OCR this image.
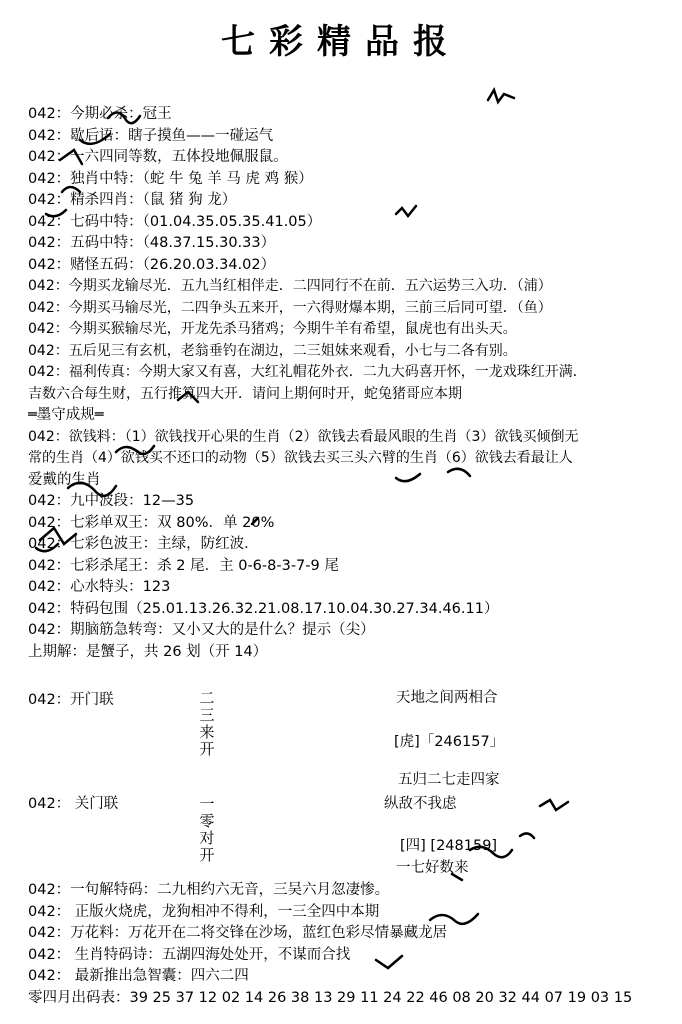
七彩精品报
042：今期必杀：冠王
042：歇后语：瞎子摸鱼——一碰运气
042：一六四同等数，五体投地佩服鼠。
042：独肖中特：（蛇 牛 兔 羊 马 虎 鸡 猴）
042：精杀四肖：（鼠 猪 狗 龙）
042：七码中特：（01.04.35.05.35.41.05）
042：五码中特：（48.37.15.30.33）
042：赌怪五码：（26.20.03.34.02）
042：今期买龙输尽光．五九当红相伴走．二四同行不在前．五六运势三入功．（浦）
042：今期买马输尽光，二四争头五来开，一六得财爆本期，三前三后同可望．（鱼）
042：今期买猴输尽光，开龙先杀马猪鸡；今期牛羊有希望，鼠虎也有出头天。
042：五后见三有玄机，老翁垂钓在湖边，二三姐妹来观看，小七与二各有别。
042：福利传真：今期大家又有喜，大红礼帽花外衣．二九大码喜开怀，一龙戏珠红开满．
吉数六合每生财，五行推算四大开．请问上期何时开，蛇兔猪哥应本期
═墨守成规═
042：欲钱料：（1）欲钱找开心果的生肖（2）欲钱去看最风眼的生肖（3）欲钱买倾倒无
常的生肖（4）欲钱买不还口的动物（5）欲钱去买三头六臂的生肖（6）欲钱去看最让人
爱戴的生肖
042：九中波段：12—35
042：七彩单双王：双 80%．单 20%
042：七彩色波王：主绿，防红波．
042：七彩杀尾王：杀 2 尾．主 0-6-8-3-7-9 尾
042：心水特头：123
042：特码包围（25.01.13.26.32.21.08.17.10.04.30.27.34.46.11）
042：期脑筋急转弯：又小又大的是什么？提示（尖）
上期解：是蟹子，共 26 划（开 14）
042：开门联	二三来开
天地之间两相合
[虎]「246157」
五归二七走四家
042： 关门联	一零对开
纵敌不我虑
[四] [248159]
一七好数来
042：一句解特码：二九相约六无音，三吴六月忽凄惨。
042： 正版火烧虎，龙狗相冲不得利，一三全四中本期
042：万花料：万花开在二将交锋在沙场，蓝红色彩尽情暴藏龙居
042： 生肖特码诗：五湖四海处处开，不谋而合找
042： 最新推出急智囊：四六二四
零四月出码表：39 25 37 12 02 14 26 38 13 29 11 24 22 46 08 20 32 44 07 19 03 15
